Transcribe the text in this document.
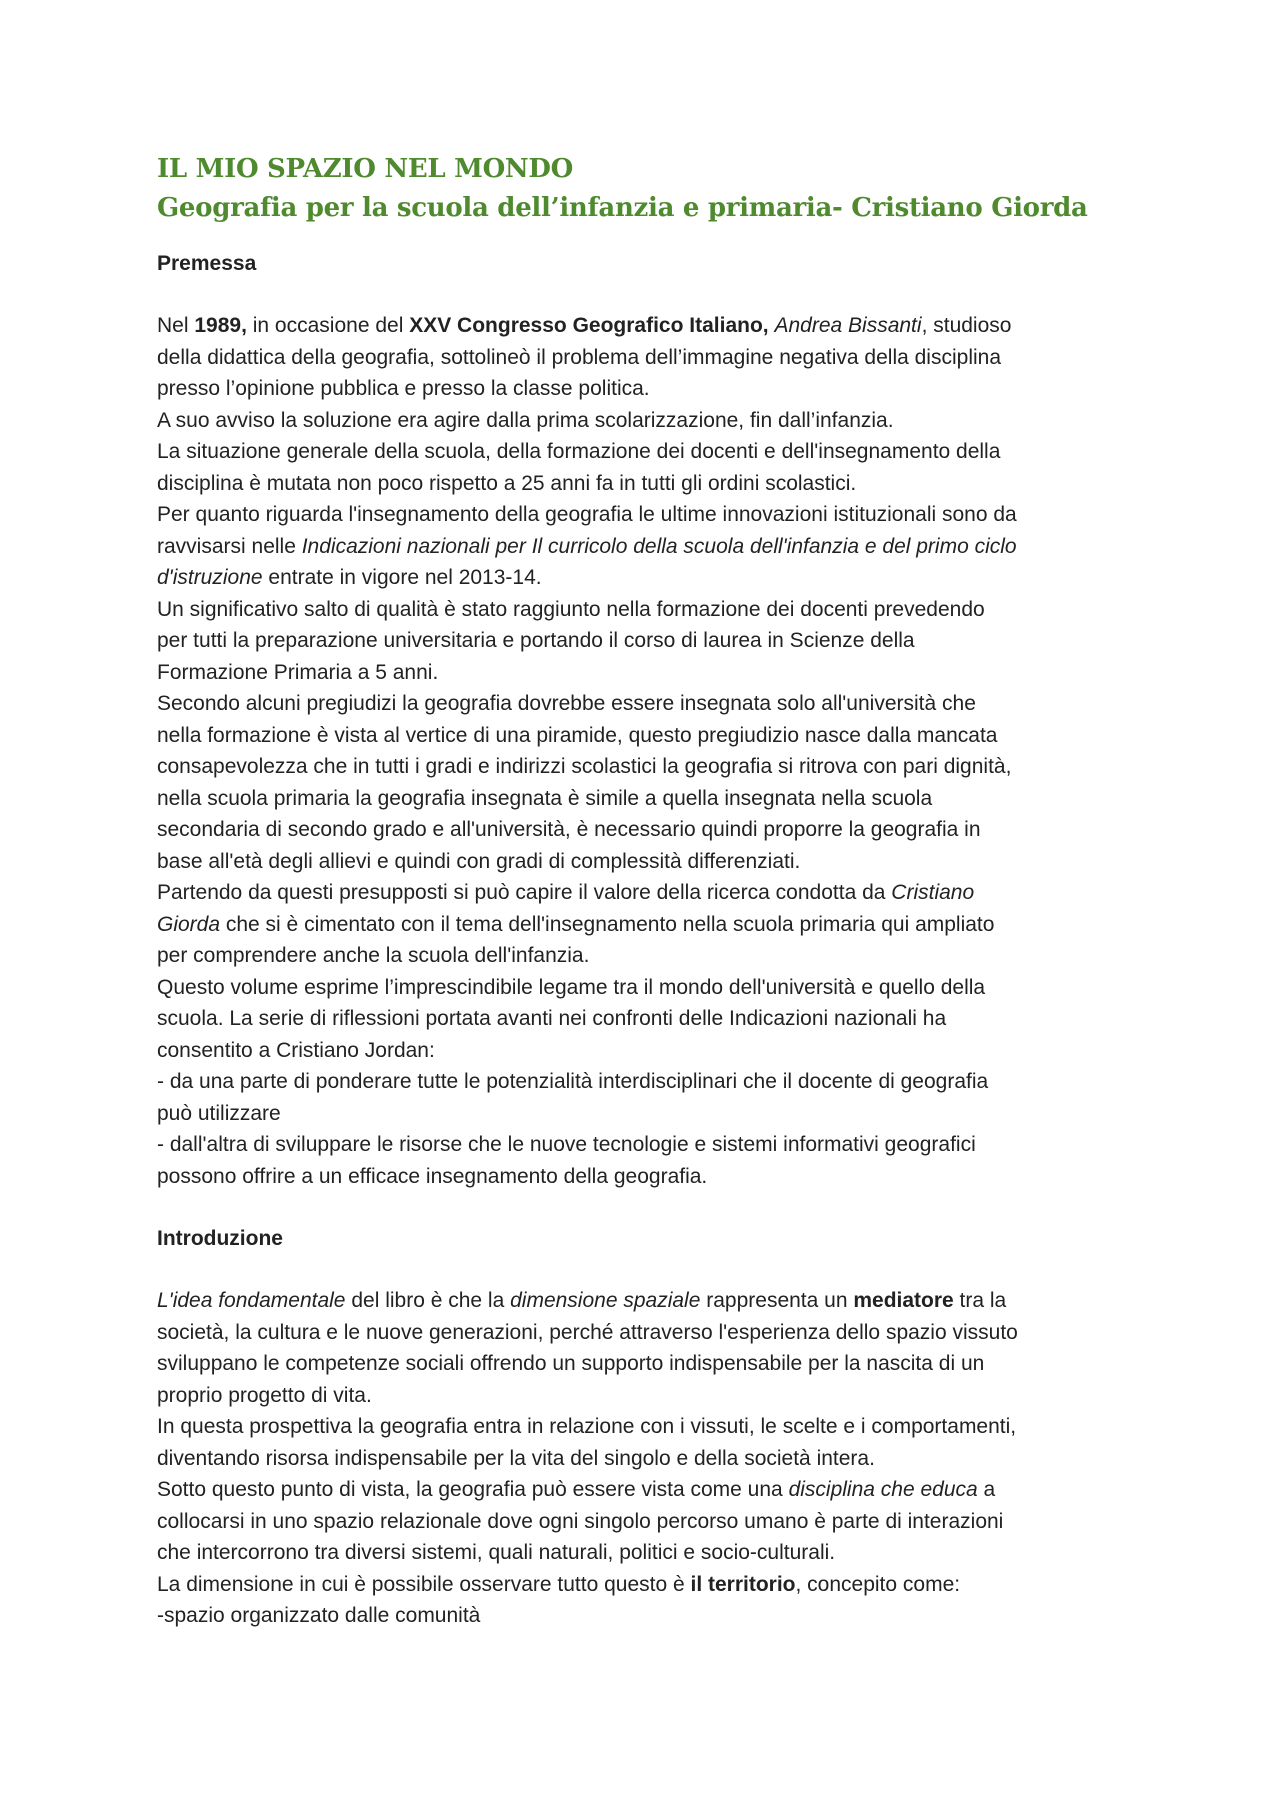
IL MIO SPAZIO NEL MONDO
Geografia per la scuola dell’infanzia e primaria- Cristiano Giorda
Premessa
Nel 1989, in occasione del XXV Congresso Geografico Italiano, Andrea Bissanti, studioso
della didattica della geografia, sottolineò il problema dell’immagine negativa della disciplina
presso l’opinione pubblica e presso la classe politica.
A suo avviso la soluzione era agire dalla prima scolarizzazione, fin dall’infanzia.
La situazione generale della scuola, della formazione dei docenti e dell'insegnamento della
disciplina è mutata non poco rispetto a 25 anni fa in tutti gli ordini scolastici.
Per quanto riguarda l'insegnamento della geografia le ultime innovazioni istituzionali sono da
ravvisarsi nelle Indicazioni nazionali per Il curricolo della scuola dell'infanzia e del primo ciclo
d'istruzione entrate in vigore nel 2013-14.
Un significativo salto di qualità è stato raggiunto nella formazione dei docenti prevedendo
per tutti la preparazione universitaria e portando il corso di laurea in Scienze della
Formazione Primaria a 5 anni.
Secondo alcuni pregiudizi la geografia dovrebbe essere insegnata solo all'università che
nella formazione è vista al vertice di una piramide, questo pregiudizio nasce dalla mancata
consapevolezza che in tutti i gradi e indirizzi scolastici la geografia si ritrova con pari dignità,
nella scuola primaria la geografia insegnata è simile a quella insegnata nella scuola
secondaria di secondo grado e all'università, è necessario quindi proporre la geografia in
base all'età degli allievi e quindi con gradi di complessità differenziati.
Partendo da questi presupposti si può capire il valore della ricerca condotta da Cristiano
Giorda che si è cimentato con il tema dell'insegnamento nella scuola primaria qui ampliato
per comprendere anche la scuola dell'infanzia.
Questo volume esprime l’imprescindibile legame tra il mondo dell'università e quello della
scuola. La serie di riflessioni portata avanti nei confronti delle Indicazioni nazionali ha
consentito a Cristiano Jordan:
- da una parte di ponderare tutte le potenzialità interdisciplinari che il docente di geografia
può utilizzare
- dall'altra di sviluppare le risorse che le nuove tecnologie e sistemi informativi geografici
possono offrire a un efficace insegnamento della geografia.
Introduzione
L'idea fondamentale del libro è che la dimensione spaziale rappresenta un mediatore tra la
società, la cultura e le nuove generazioni, perché attraverso l'esperienza dello spazio vissuto
sviluppano le competenze sociali offrendo un supporto indispensabile per la nascita di un
proprio progetto di vita.
In questa prospettiva la geografia entra in relazione con i vissuti, le scelte e i comportamenti,
diventando risorsa indispensabile per la vita del singolo e della società intera.
Sotto questo punto di vista, la geografia può essere vista come una disciplina che educa a
collocarsi in uno spazio relazionale dove ogni singolo percorso umano è parte di interazioni
che intercorrono tra diversi sistemi, quali naturali, politici e socio-culturali.
La dimensione in cui è possibile osservare tutto questo è il territorio, concepito come:
-spazio organizzato dalle comunità
